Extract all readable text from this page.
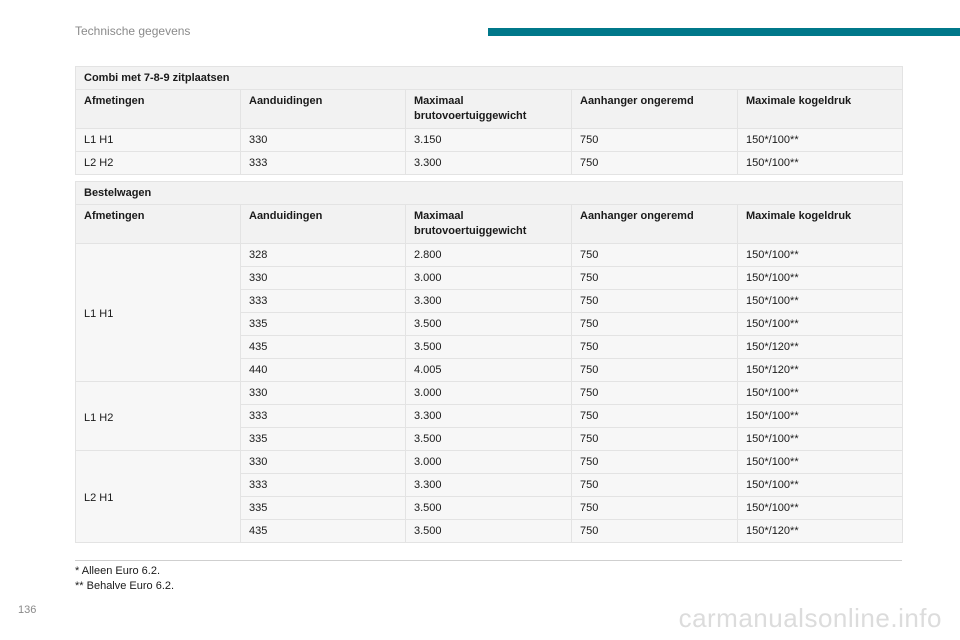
Technische gegevens
Combi met 7-8-9 zitplaatsen				
Afmetingen	Aanduidingen	Maximaal brutovoertuiggewicht	Aanhanger ongeremd	Maximale kogeldruk
L1 H1	330	3.150	750	150*/100**
L2 H2	333	3.300	750	150*/100**
Bestelwagen				
Afmetingen	Aanduidingen	Maximaal brutovoertuiggewicht	Aanhanger ongeremd	Maximale kogeldruk
L1 H1	328	2.800	750	150*/100**
	330	3.000	750	150*/100**
	333	3.300	750	150*/100**
	335	3.500	750	150*/100**
	435	3.500	750	150*/120**
	440	4.005	750	150*/120**
L1 H2	330	3.000	750	150*/100**
	333	3.300	750	150*/100**
	335	3.500	750	150*/100**
L2 H1	330	3.000	750	150*/100**
	333	3.300	750	150*/100**
	335	3.500	750	150*/100**
	435	3.500	750	150*/120**
* Alleen Euro 6.2.
** Behalve Euro 6.2.
136	carmanualsonline.info
